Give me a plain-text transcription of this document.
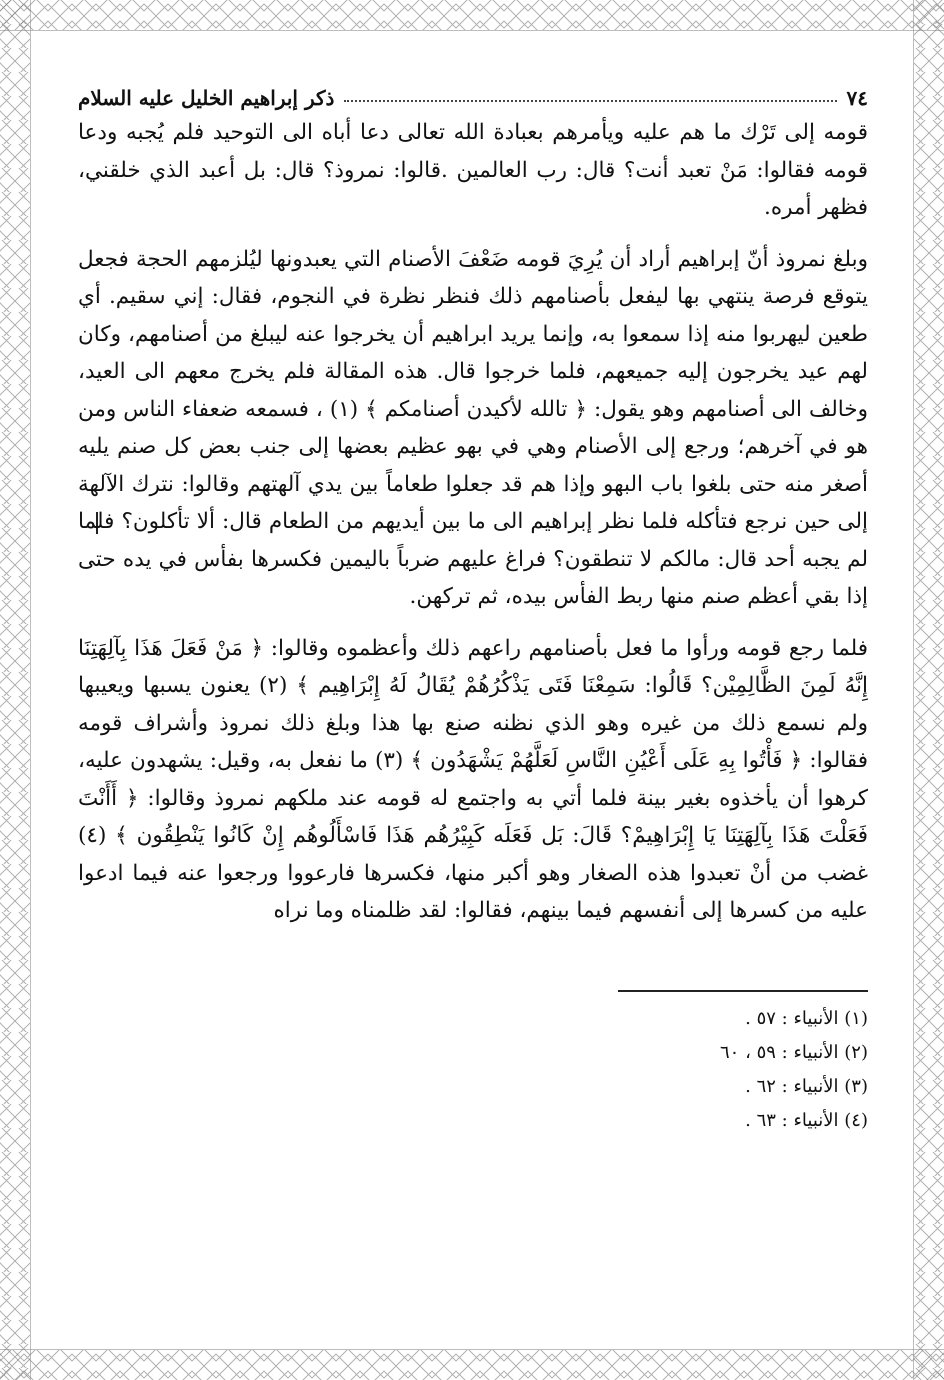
٧٤
ذكر إبراهيم الخليل عليه السلام

قومه إلى تَرْك ما هم عليه ويأمرهم بعبادة الله تعالى دعا أباه الى التوحيد فلم يُجبه ودعا قومه فقالوا: مَنْ تعبد أنت؟ قال: رب العالمين .قالوا: نمروذ؟ قال: بل أعبد الذي خلقني، فظهر أمره.

وبلغ نمروذ أنّ إبراهيم أراد أن يُرِيَ قومه ضَعْفَ الأصنام التي يعبدونها ليُلزمهم الحجة فجعل يتوقع فرصة ينتهي بها ليفعل بأصنامهم ذلك فنظر نظرة في النجوم، فقال: إني سقيم. أي طعين ليهربوا منه إذا سمعوا به، وإنما يريد ابراهيم أن يخرجوا عنه ليبلغ من أصنامهم، وكان لهم عيد يخرجون إليه جميعهم، فلما خرجوا قال. هذه المقالة فلم يخرج معهم الى العيد، وخالف الى أصنامهم وهو يقول: ﴿ تالله لأكيدن أصنامكم ﴾ (١) ، فسمعه ضعفاء الناس ومن هو في آخرهم؛ ورجع إلى الأصنام وهي في بهو عظيم بعضها إلى جنب بعض كل صنم يليه أصغر منه حتى بلغوا باب البهو وإذا هم قد جعلوا طعاماً بين يدي آلهتهم وقالوا: نترك الآلهة إلى حين نرجع فتأكله فلما نظر إبراهيم الى ما بين أيديهم من الطعام قال: ألا تأكلون؟ فلما لم يجبه أحد قال: مالكم لا تنطقون؟ فراغ عليهم ضرباً باليمين فكسرها بفأس في يده حتى إذا بقي أعظم صنم منها ربط الفأس بيده، ثم تركهن.

فلما رجع قومه ورأوا ما فعل بأصنامهم راعهم ذلك وأعظموه وقالوا: ﴿ مَنْ فَعَلَ هَذَا بِآلِهَتِنَا إِنَّهُ لَمِنَ الظَّالِمِيْن؟ قَالُوا: سَمِعْنَا فَتَى يَذْكُرُهُمْ يُقَالُ لَهُ إِبْرَاهِيم ﴾ (٢) يعنون يسبها ويعيبها ولم نسمع ذلك من غيره وهو الذي نظنه صنع بها هذا وبلغ ذلك نمروذ وأشراف قومه فقالوا: ﴿ فَأْتُوا بِهِ عَلَى أَعْيُنِ النَّاسِ لَعَلَّهُمْ يَشْهَدُون ﴾ (٣) ما نفعل به، وقيل: يشهدون عليه، كرهوا أن يأخذوه بغير بينة فلما أتي به واجتمع له قومه عند ملكهم نمروذ وقالوا: ﴿ أَأَنْتَ فَعَلْتَ هَذَا بِآلِهَتِنَا يَا إِبْرَاهِيمْ؟ قَالَ: بَل فَعَلَه كَبِيْرُهُم هَذَا فَاسْأَلُوهُم إِنْ كَانُوا يَنْطِقُون ﴾ (٤) غضب من أنْ تعبدوا هذه الصغار وهو أكبر منها، فكسرها فارعووا ورجعوا عنه فيما ادعوا عليه من كسرها إلى أنفسهم فيما بينهم، فقالوا: لقد ظلمناه وما نراه

(١) الأنبياء : ٥٧ .
(٢) الأنبياء : ٥٩ ، ٦٠
(٣) الأنبياء : ٦٢ .
(٤) الأنبياء : ٦٣ .
